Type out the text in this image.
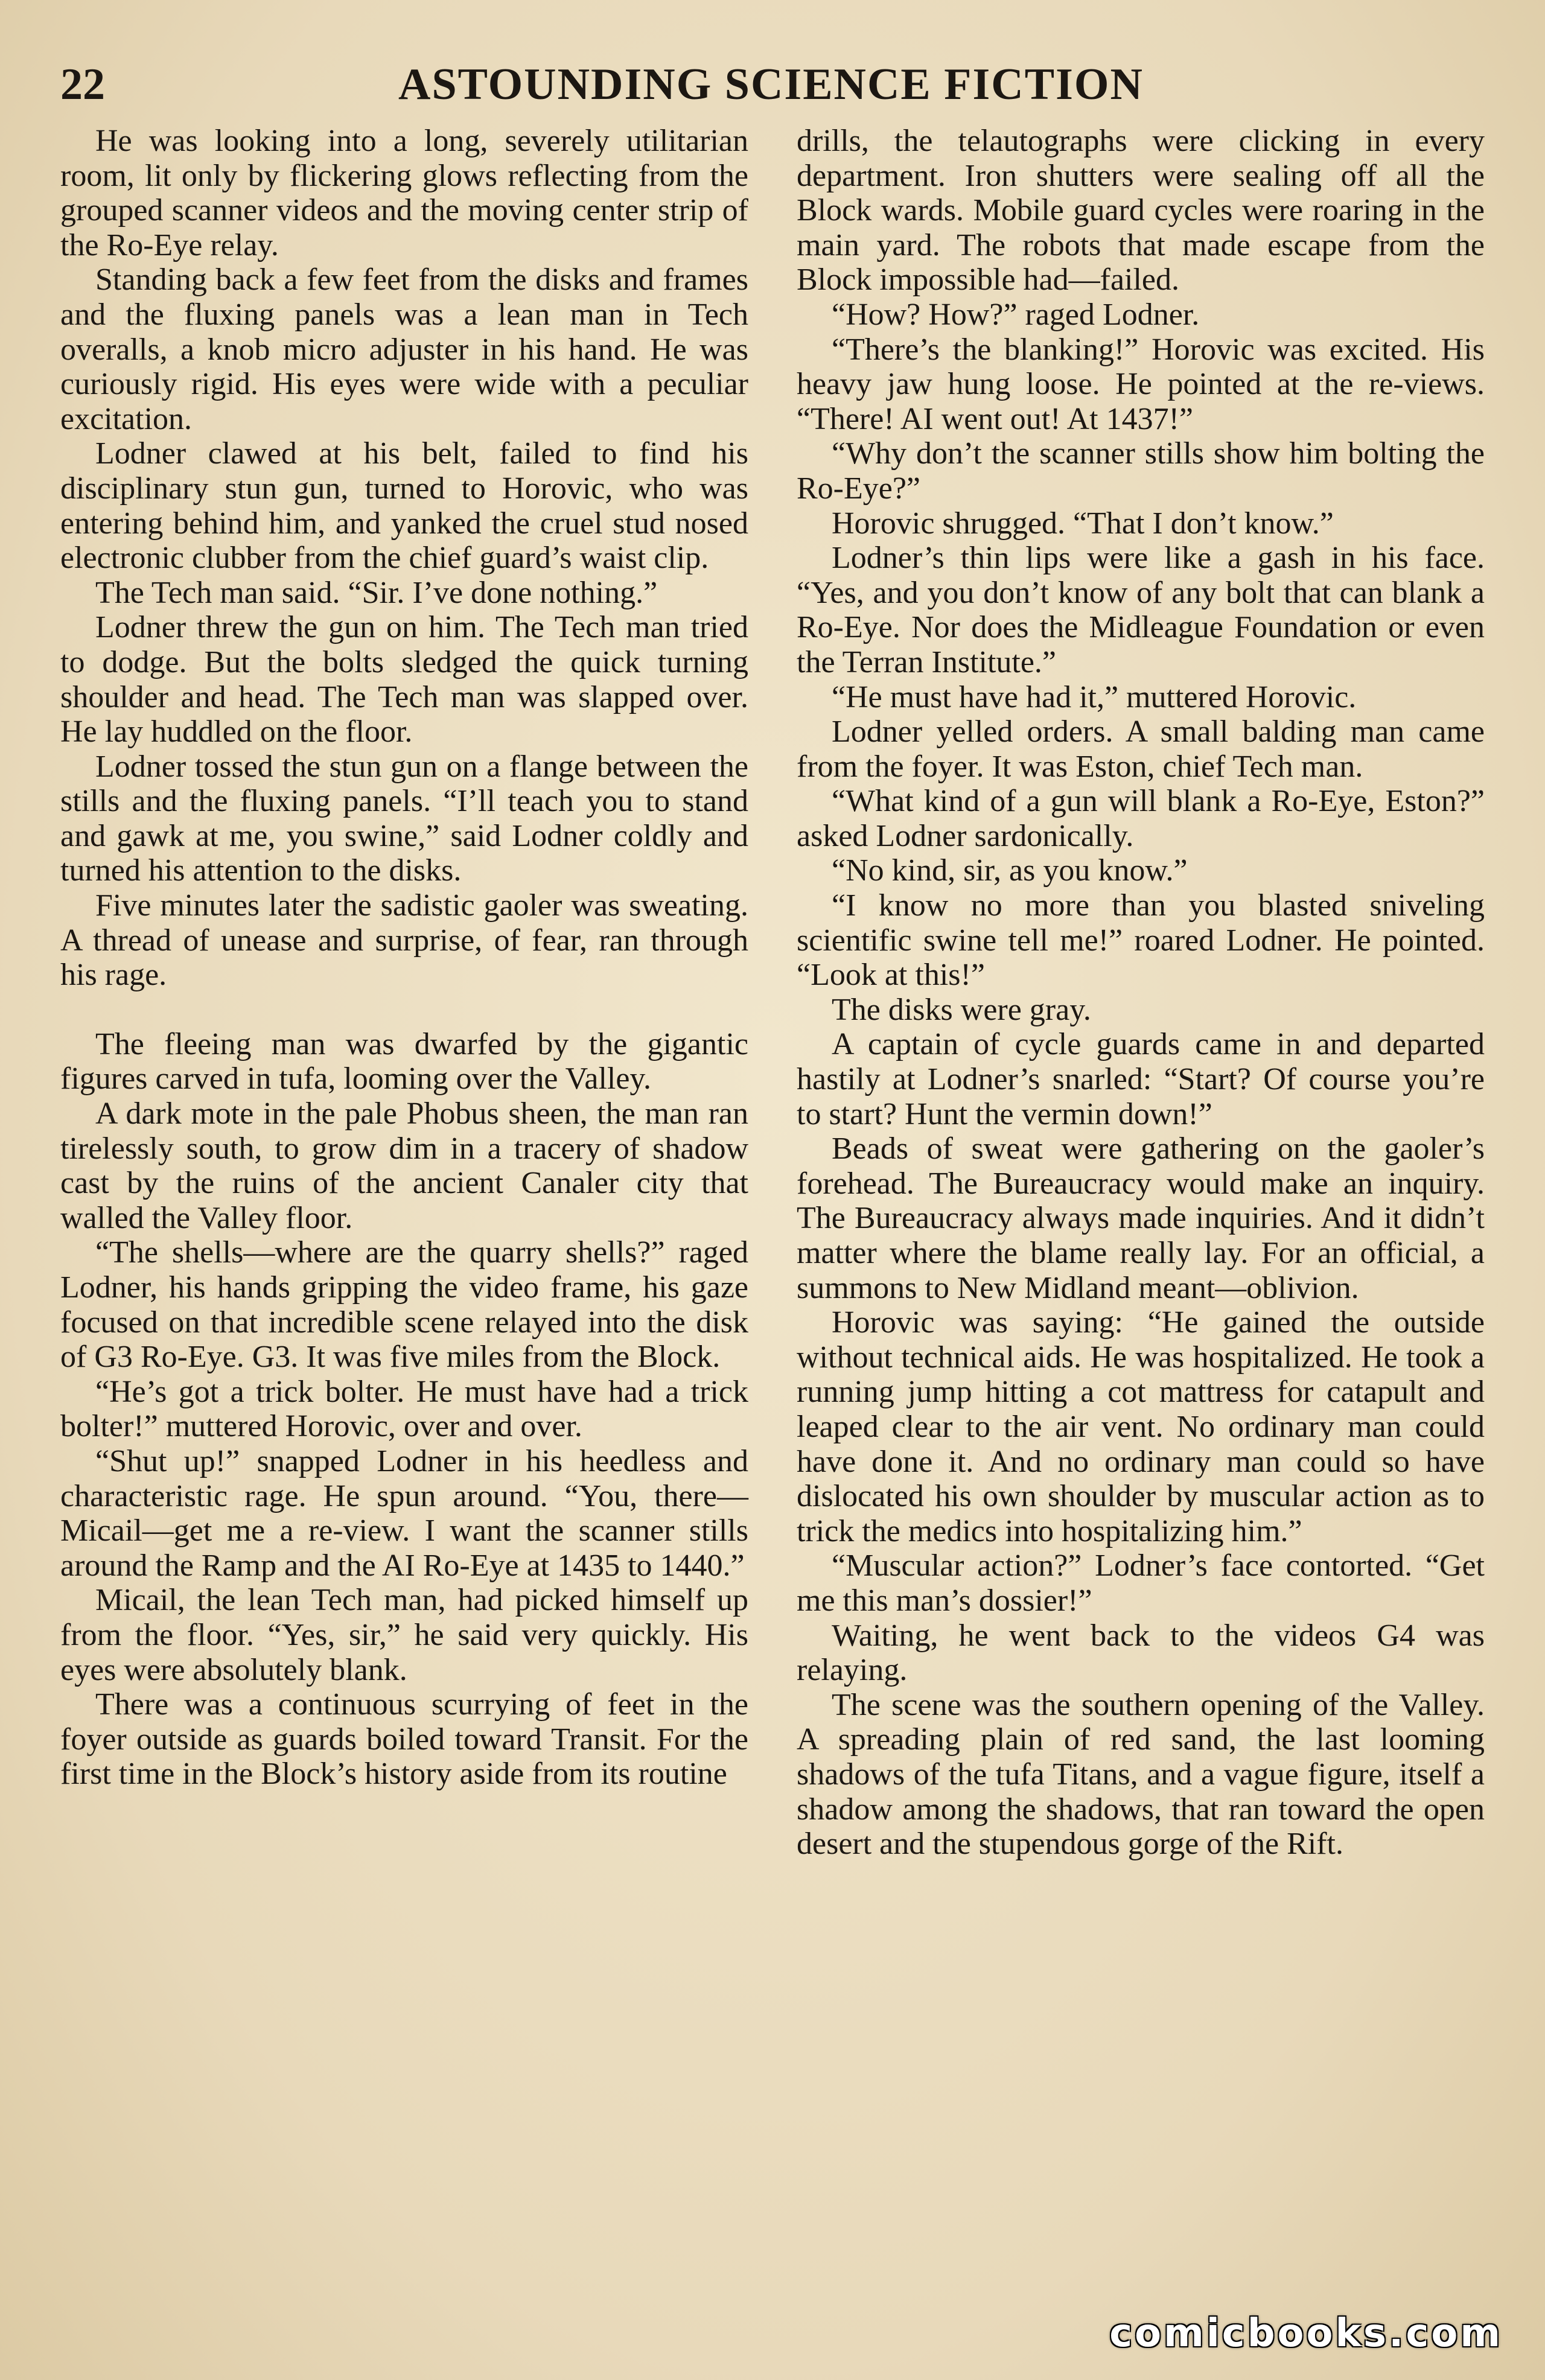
22	ASTOUNDING SCIENCE FICTION

He was looking into a long, severely utilitarian room, lit only by flickering glows reflecting from the grouped scanner videos and the moving center strip of the Ro-Eye relay.

Standing back a few feet from the disks and frames and the fluxing panels was a lean man in Tech overalls, a knob micro adjuster in his hand. He was curiously rigid. His eyes were wide with a peculiar excitation.

Lodner clawed at his belt, failed to find his disciplinary stun gun, turned to Horovic, who was entering behind him, and yanked the cruel stud nosed electronic clubber from the chief guard’s waist clip.

The Tech man said. “Sir. I’ve done nothing.”

Lodner threw the gun on him. The Tech man tried to dodge. But the bolts sledged the quick turning shoulder and head. The Tech man was slapped over. He lay huddled on the floor.

Lodner tossed the stun gun on a flange between the stills and the fluxing panels. “I’ll teach you to stand and gawk at me, you swine,” said Lodner coldly and turned his attention to the disks.

Five minutes later the sadistic gaoler was sweating. A thread of unease and surprise, of fear, ran through his rage.

The fleeing man was dwarfed by the gigantic figures carved in tufa, looming over the Valley.

A dark mote in the pale Phobus sheen, the man ran tirelessly south, to grow dim in a tracery of shadow cast by the ruins of the ancient Canaler city that walled the Valley floor.

“The shells—where are the quarry shells?” raged Lodner, his hands gripping the video frame, his gaze focused on that incredible scene relayed into the disk of G3 Ro-Eye. G3. It was five miles from the Block.

“He’s got a trick bolter. He must have had a trick bolter!” muttered Horovic, over and over.

“Shut up!” snapped Lodner in his heedless and characteristic rage. He spun around. “You, there—Micail—get me a re-view. I want the scanner stills around the Ramp and the AI Ro-Eye at 1435 to 1440.”

Micail, the lean Tech man, had picked himself up from the floor. “Yes, sir,” he said very quickly. His eyes were absolutely blank.

There was a continuous scurrying of feet in the foyer outside as guards boiled toward Transit. For the first time in the Block’s history aside from its routine

drills, the telautographs were clicking in every department. Iron shutters were sealing off all the Block wards. Mobile guard cycles were roaring in the main yard. The robots that made escape from the Block impossible had—failed.

“How? How?” raged Lodner.

“There’s the blanking!” Horovic was excited. His heavy jaw hung loose. He pointed at the re-views. “There! AI went out! At 1437!”

“Why don’t the scanner stills show him bolting the Ro-Eye?”

Horovic shrugged. “That I don’t know.”

Lodner’s thin lips were like a gash in his face. “Yes, and you don’t know of any bolt that can blank a Ro-Eye. Nor does the Midleague Foundation or even the Terran Institute.”

“He must have had it,” muttered Horovic.

Lodner yelled orders. A small balding man came from the foyer. It was Eston, chief Tech man.

“What kind of a gun will blank a Ro-Eye, Eston?” asked Lodner sardonically.

“No kind, sir, as you know.”

“I know no more than you blasted sniveling scientific swine tell me!” roared Lodner. He pointed. “Look at this!”

The disks were gray.

A captain of cycle guards came in and departed hastily at Lodner’s snarled: “Start? Of course you’re to start? Hunt the vermin down!”

Beads of sweat were gathering on the gaoler’s forehead. The Bureaucracy would make an inquiry. The Bureaucracy always made inquiries. And it didn’t matter where the blame really lay. For an official, a summons to New Midland meant—oblivion.

Horovic was saying: “He gained the outside without technical aids. He was hospitalized. He took a running jump hitting a cot mattress for catapult and leaped clear to the air vent. No ordinary man could have done it. And no ordinary man could so have dislocated his own shoulder by muscular action as to trick the medics into hospitalizing him.”

“Muscular action?” Lodner’s face contorted. “Get me this man’s dossier!”

Waiting, he went back to the videos G4 was relaying.

The scene was the southern opening of the Valley. A spreading plain of red sand, the last looming shadows of the tufa Titans, and a vague figure, itself a shadow among the shadows, that ran toward the open desert and the stupendous gorge of the Rift.

comicbooks.com
